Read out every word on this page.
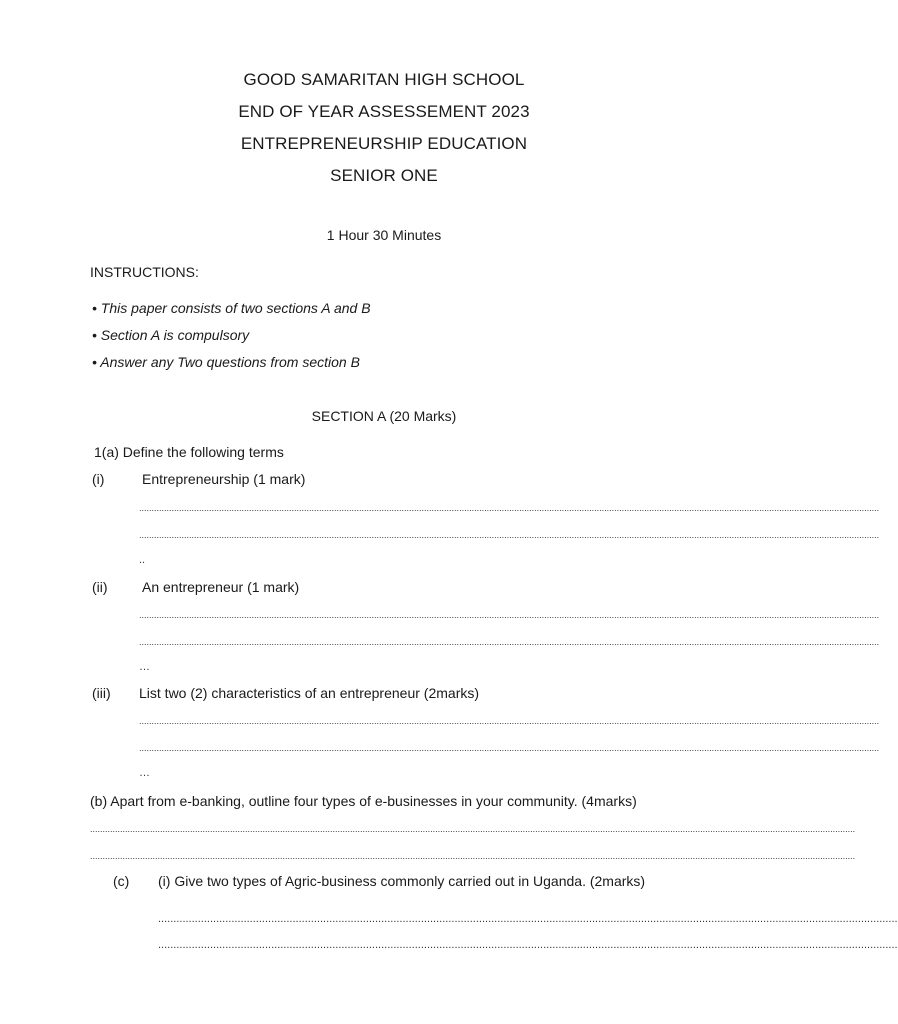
GOOD SAMARITAN HIGH SCHOOL
END OF YEAR ASSESSEMENT 2023
ENTREPRENEURSHIP EDUCATION
SENIOR ONE
1 Hour 30 Minutes
INSTRUCTIONS:
• This paper consists of two sections A and B
• Section A is compulsory
• Answer any Two questions from section B
SECTION A (20 Marks)
1(a) Define the following terms
(i)	Entrepreneurship (1 mark)
........................................................................................................................................................................................................................................................................................................
........................................................................................................................................................................................................................................................................................................
..
(ii) An entrepreneur (1 mark)
........................................................................................................................................................................................................................................................................................................
........................................................................................................................................................................................................................................................................................................
…
(iii) List two (2) characteristics of an entrepreneur (2marks)
........................................................................................................................................................................................................................................................................................................
........................................................................................................................................................................................................................................................................................................
…
(b) Apart from e-banking, outline four types of e-businesses in your community. (4marks)
..................................................................................................................................................................................................................................................................................................................
..................................................................................................................................................................................................................................................................................................................
(c) (i) Give two types of Agric-business commonly carried out in Uganda. (2marks)
..................................................................................................................................................................................................................................................
..................................................................................................................................................................................................................................................
